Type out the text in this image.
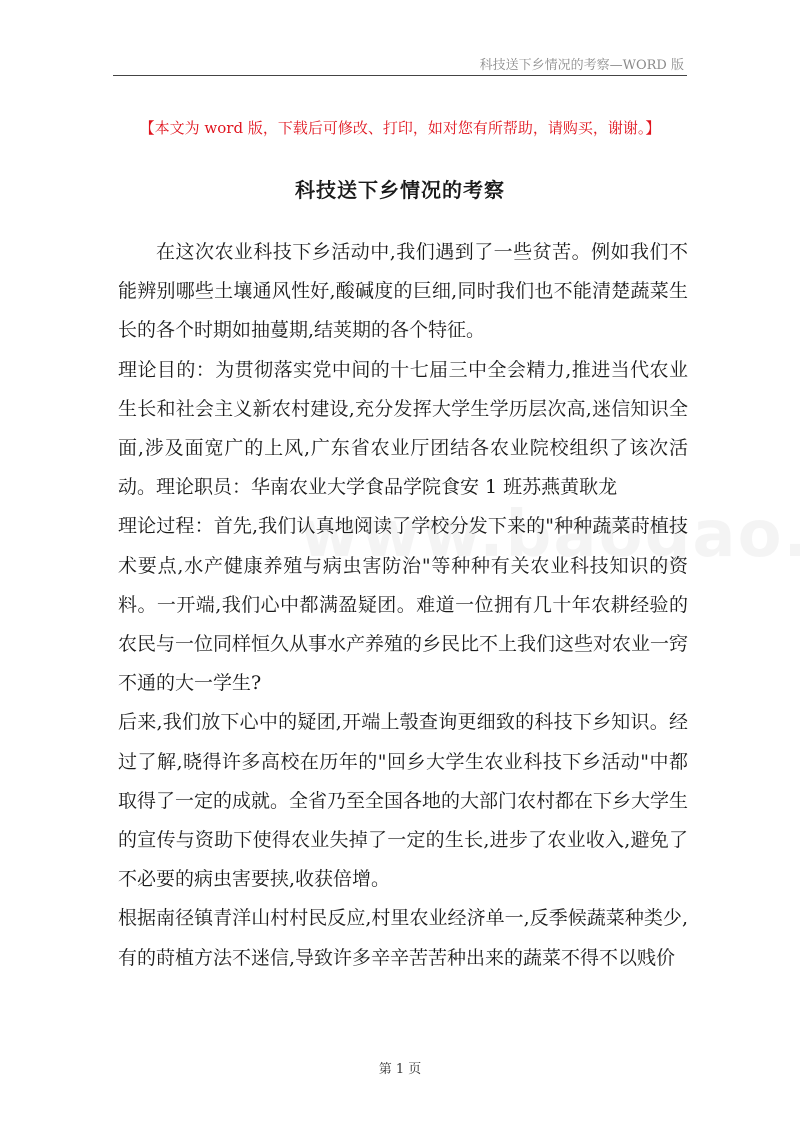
科技送下乡情况的考察—WORD 版
【本文为 word 版，下载后可修改、打印，如对您有所帮助，请购买，谢谢。】
科技送下乡情况的考察

在这次农业科技下乡活动中,我们遇到了一些贫苦。例如我们不能辨别哪些土壤通风性好,酸碱度的巨细,同时我们也不能清楚蔬菜生长的各个时期如抽蔓期,结荚期的各个特征。

理论目的：为贯彻落实党中间的十七届三中全会精力,推进当代农业生长和社会主义新农村建设,充分发挥大学生学历层次高,迷信知识全面,涉及面宽广的上风,广东省农业厅团结各农业院校组织了该次活动。理论职员：华南农业大学食品学院食安 1 班苏燕黄耿龙

理论过程：首先,我们认真地阅读了学校分发下来的"种种蔬菜莳植技术要点,水产健康养殖与病虫害防治"等种种有关农业科技知识的资料。一开端,我们心中都满盈疑团。难道一位拥有几十年农耕经验的农民与一位同样恒久从事水产养殖的乡民比不上我们这些对农业一窍不通的大一学生?

后来,我们放下心中的疑团,开端上彀查询更细致的科技下乡知识。经过了解,晓得许多高校在历年的"回乡大学生农业科技下乡活动"中都取得了一定的成就。全省乃至全国各地的大部门农村都在下乡大学生的宣传与资助下使得农业失掉了一定的生长,进步了农业收入,避免了不必要的病虫害要挟,收获倍增。

根据南径镇青洋山村村民反应,村里农业经济单一,反季候蔬菜种类少,有的莳植方法不迷信,导致许多辛辛苦苦种出来的蔬菜不得不以贱价

第 1 页
